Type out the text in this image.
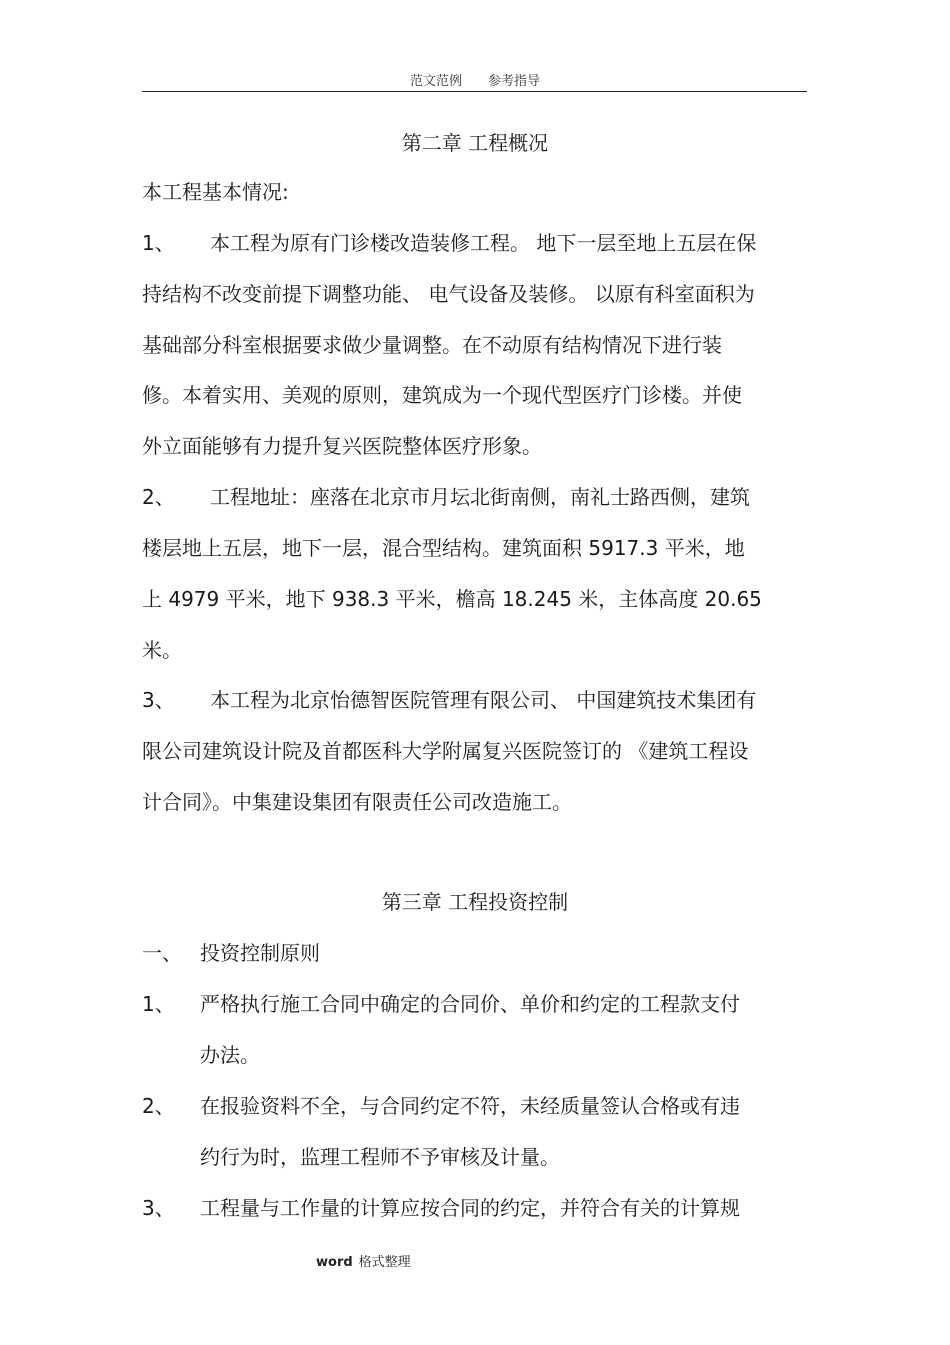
范文范例 参考指导
第二章 工程概况
本工程基本情况:
1、 本工程为原有门诊楼改造装修工程。 地下一层至地上五层在保
持结构不改变前提下调整功能、 电气设备及装修。 以原有科室面积为
基础部分科室根据要求做少量调整。在不动原有结构情况下进行装
修。本着实用、美观的原则，建筑成为一个现代型医疗门诊楼。并使
外立面能够有力提升复兴医院整体医疗形象。
2、 工程地址：座落在北京市月坛北街南侧，南礼士路西侧，建筑
楼层地上五层，地下一层，混合型结构。建筑面积 5917.3 平米，地
上 4979 平米，地下 938.3 平米，檐高 18.245 米，主体高度 20.65
米。
3、 本工程为北京怡德智医院管理有限公司、 中国建筑技术集团有
限公司建筑设计院及首都医科大学附属复兴医院签订的 《建筑工程设
计合同》。中集建设集团有限责任公司改造施工。
第三章 工程投资控制
一、 投资控制原则
1、 严格执行施工合同中确定的合同价、单价和约定的工程款支付
办法。
2、 在报验资料不全，与合同约定不符，未经质量签认合格或有违
约行为时，监理工程师不予审核及计量。
3、 工程量与工作量的计算应按合同的约定，并符合有关的计算规
word 格式整理
